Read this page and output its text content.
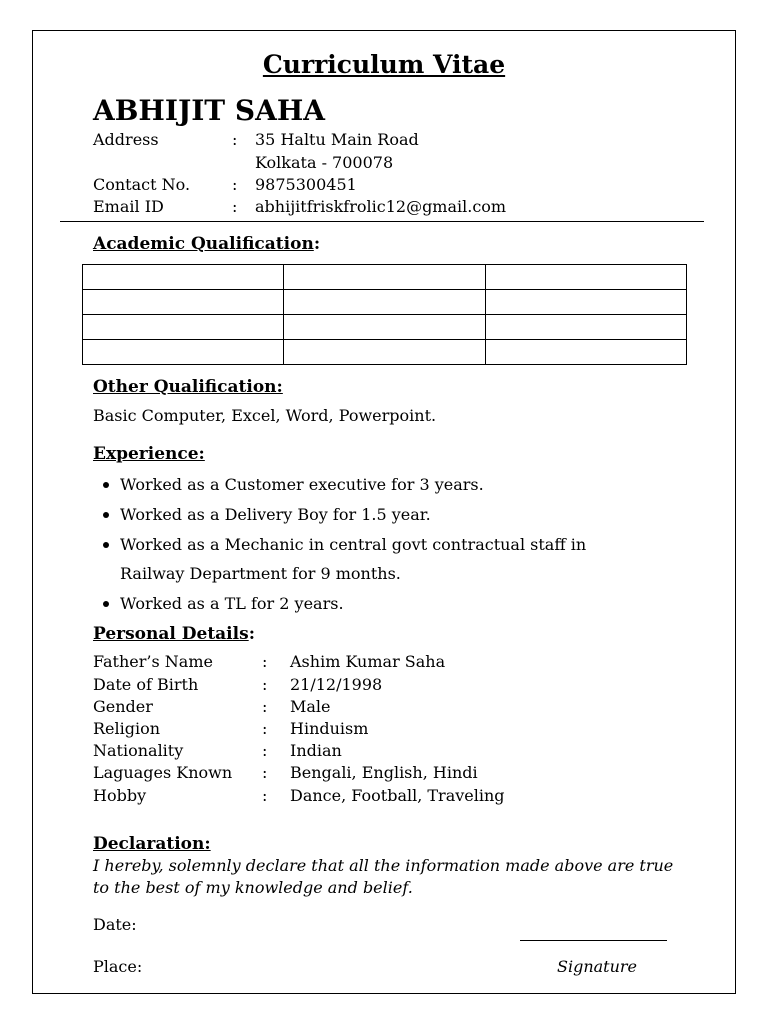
Curriculum Vitae
ABHIJIT SAHA
Address	: 35 Haltu Main Road
Kolkata - 700078
Contact No.	: 9875300451
Email ID	: abhijitfriskfrolic12@gmail.com
Academic Qualification:

Other Qualification:
Basic Computer, Excel, Word, Powerpoint.
Experience:
Worked as a Customer executive for 3 years.
Worked as a Delivery Boy for 1.5 year.
Worked as a Mechanic in central govt contractual staff in Railway Department for 9 months.
Worked as a TL for 2 years.
Personal Details:
Father’s Name	: Ashim Kumar Saha
Date of Birth	: 21/12/1998
Gender	: Male
Religion	: Hinduism
Nationality	: Indian
Laguages Known : Bengali, English, Hindi
Hobby	: Dance, Football, Traveling
Declaration:
I hereby, solemnly declare that all the information made above are true
to the best of my knowledge and belief.
Date:
Place:	Signature
